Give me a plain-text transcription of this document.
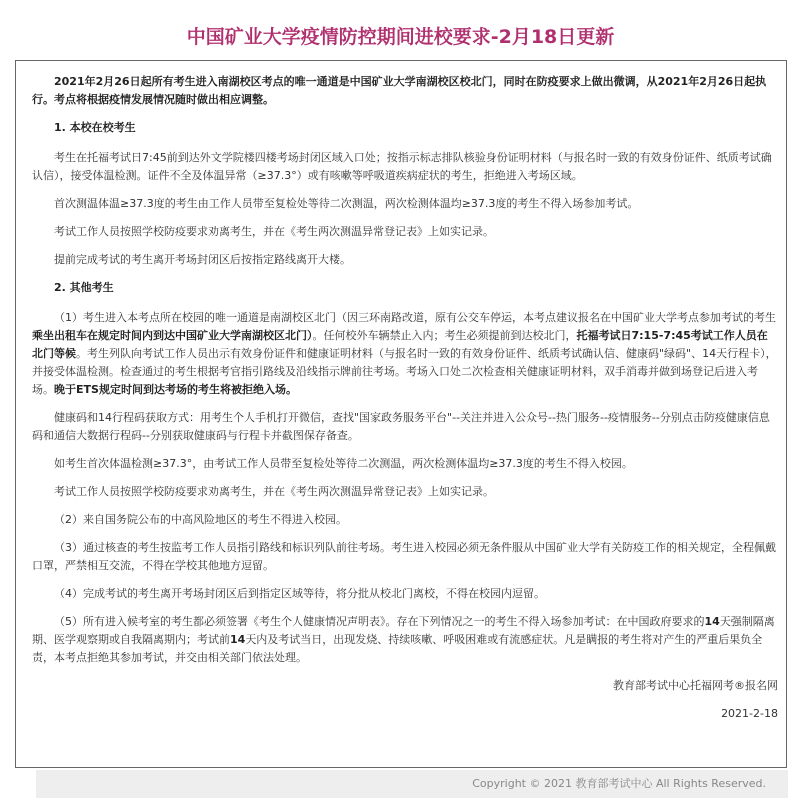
中国矿业大学疫情防控期间进校要求-2月18日更新

2021年2月26日起所有考生进入南湖校区考点的唯一通道是中国矿业大学南湖校区校北门，同时在防疫要求上做出微调，从2021年2月26日起执行。考点将根据疫情发展情况随时做出相应调整。

1. 本校在校考生

考生在托福考试日7:45前到达外文学院楼四楼考场封闭区域入口处；按指示标志排队核验身份证明材料（与报名时一致的有效身份证件、纸质考试确认信），接受体温检测。证件不全及体温异常（≥37.3°）或有咳嗽等呼吸道疾病症状的考生，拒绝进入考场区域。

首次测温体温≥37.3度的考生由工作人员带至复检处等待二次测温，两次检测体温均≥37.3度的考生不得入场参加考试。

考试工作人员按照学校防疫要求劝离考生，并在《考生两次测温异常登记表》上如实记录。

提前完成考试的考生离开考场封闭区后按指定路线离开大楼。

2. 其他考生

（1）考生进入本考点所在校园的唯一通道是南湖校区北门（因三环南路改道，原有公交车停运，本考点建议报名在中国矿业大学考点参加考试的考生乘坐出租车在规定时间内到达中国矿业大学南湖校区北门）。任何校外车辆禁止入内；考生必须提前到达校北门，托福考试日7:15-7:45考试工作人员在北门等候。考生列队向考试工作人员出示有效身份证件和健康证明材料（与报名时一致的有效身份证件、纸质考试确认信、健康码"绿码"、14天行程卡），并接受体温检测。检查通过的考生根据考官指引路线及沿线指示牌前往考场。考场入口处二次检查相关健康证明材料，双手消毒并做到场登记后进入考场。晚于ETS规定时间到达考场的考生将被拒绝入场。

健康码和14行程码获取方式：用考生个人手机打开微信，查找"国家政务服务平台"--关注并进入公众号--热门服务--疫情服务--分别点击防疫健康信息码和通信大数据行程码--分别获取健康码与行程卡并截图保存备查。

如考生首次体温检测≥37.3°，由考试工作人员带至复检处等待二次测温，两次检测体温均≥37.3度的考生不得入校园。

考试工作人员按照学校防疫要求劝离考生，并在《考生两次测温异常登记表》上如实记录。

（2）来自国务院公布的中高风险地区的考生不得进入校园。

（3）通过核查的考生按监考工作人员指引路线和标识列队前往考场。考生进入校园必须无条件服从中国矿业大学有关防疫工作的相关规定，全程佩戴口罩，严禁相互交流，不得在学校其他地方逗留。

（4）完成考试的考生离开考场封闭区后到指定区域等待，将分批从校北门离校，不得在校园内逗留。

（5）所有进入候考室的考生都必须签署《考生个人健康情况声明表》。存在下列情况之一的考生不得入场参加考试：在中国政府要求的14天强制隔离期、医学观察期或自我隔离期内；考试前14天内及考试当日，出现发烧、持续咳嗽、呼吸困难或有流感症状。凡是瞒报的考生将对产生的严重后果负全责，本考点拒绝其参加考试，并交由相关部门依法处理。

教育部考试中心托福网考®报名网

2021-2-18

Copyright © 2021 教育部考试中心 All Rights Reserved.
